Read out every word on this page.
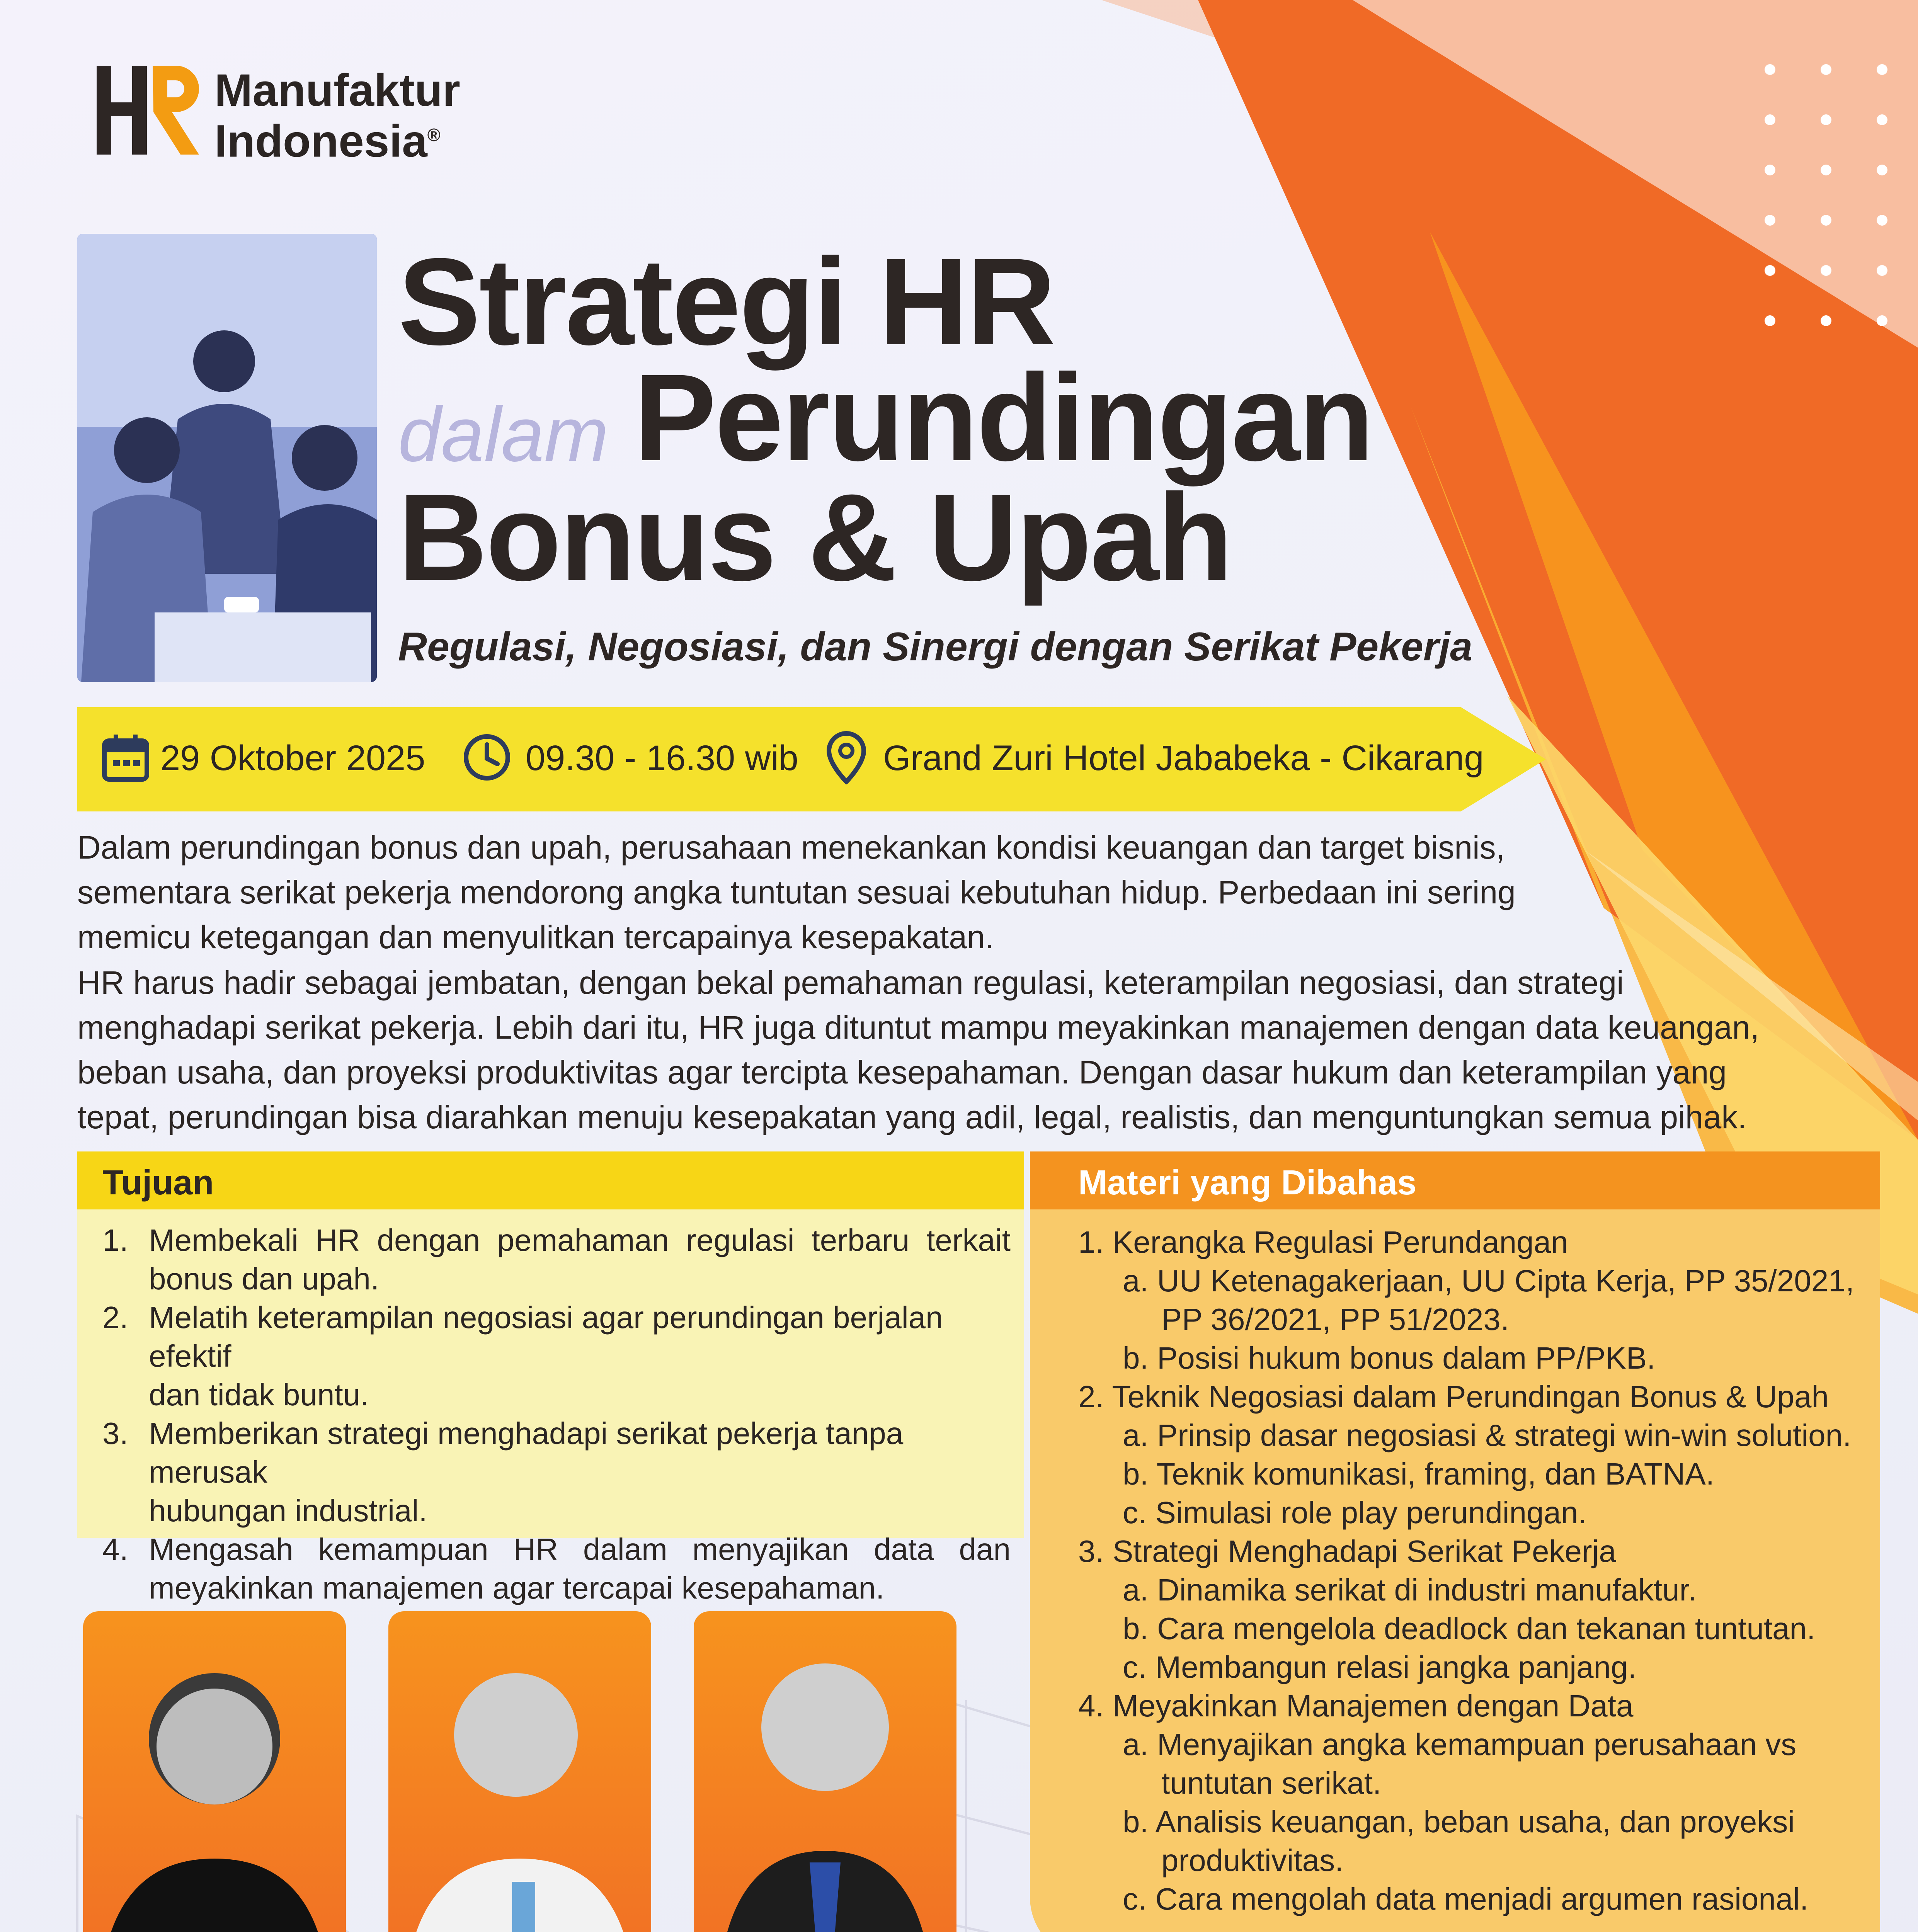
Manufaktur
Indonesia®
Strategi HR
dalam Perundingan
Bonus & Upah
Regulasi, Negosiasi, dan Sinergi dengan Serikat Pekerja
29 Oktober 2025	09.30 - 16.30 wib Grand Zuri Hotel Jababeka - Cikarang
Dalam perundingan bonus dan upah, perusahaan menekankan kondisi keuangan dan target bisnis,
sementara serikat pekerja mendorong angka tuntutan sesuai kebutuhan hidup. Perbedaan ini sering
memicu ketegangan dan menyulitkan tercapainya kesepakatan.
HR harus hadir sebagai jembatan, dengan bekal pemahaman regulasi, keterampilan negosiasi, dan strategi
menghadapi serikat pekerja. Lebih dari itu, HR juga dituntut mampu meyakinkan manajemen dengan data keuangan,
beban usaha, dan proyeksi produktivitas agar tercipta kesepahaman. Dengan dasar hukum dan keterampilan yang
tepat, perundingan bisa diarahkan menuju kesepakatan yang adil, legal, realistis, dan menguntungkan semua pihak.
Tujuan
1. Membekali HR dengan pemahaman regulasi terbaru terkait
bonus dan upah.
2. Melatih keterampilan negosiasi agar perundingan berjalan efektif
dan tidak buntu.
3. Memberikan strategi menghadapi serikat pekerja tanpa merusak
hubungan industrial.
4. Mengasah kemampuan HR dalam menyajikan data dan
meyakinkan manajemen agar tercapai kesepahaman.
Materi yang Dibahas
1. Kerangka Regulasi Perundangan
a. UU Ketenagakerjaan, UU Cipta Kerja, PP 35/2021,
PP 36/2021, PP 51/2023.
b. Posisi hukum bonus dalam PP/PKB.
2. Teknik Negosiasi dalam Perundingan Bonus & Upah
a. Prinsip dasar negosiasi & strategi win-win solution.
b. Teknik komunikasi, framing, dan BATNA.
c. Simulasi role play perundingan.
3. Strategi Menghadapi Serikat Pekerja
a. Dinamika serikat di industri manufaktur.
b. Cara mengelola deadlock dan tekanan tuntutan.
c. Membangun relasi jangka panjang.
4. Meyakinkan Manajemen dengan Data
a. Menyajikan angka kemampuan perusahaan vs
tuntutan serikat.
b. Analisis keuangan, beban usaha, dan proyeksi
produktivitas.
c. Cara mengolah data menjadi argumen rasional.
